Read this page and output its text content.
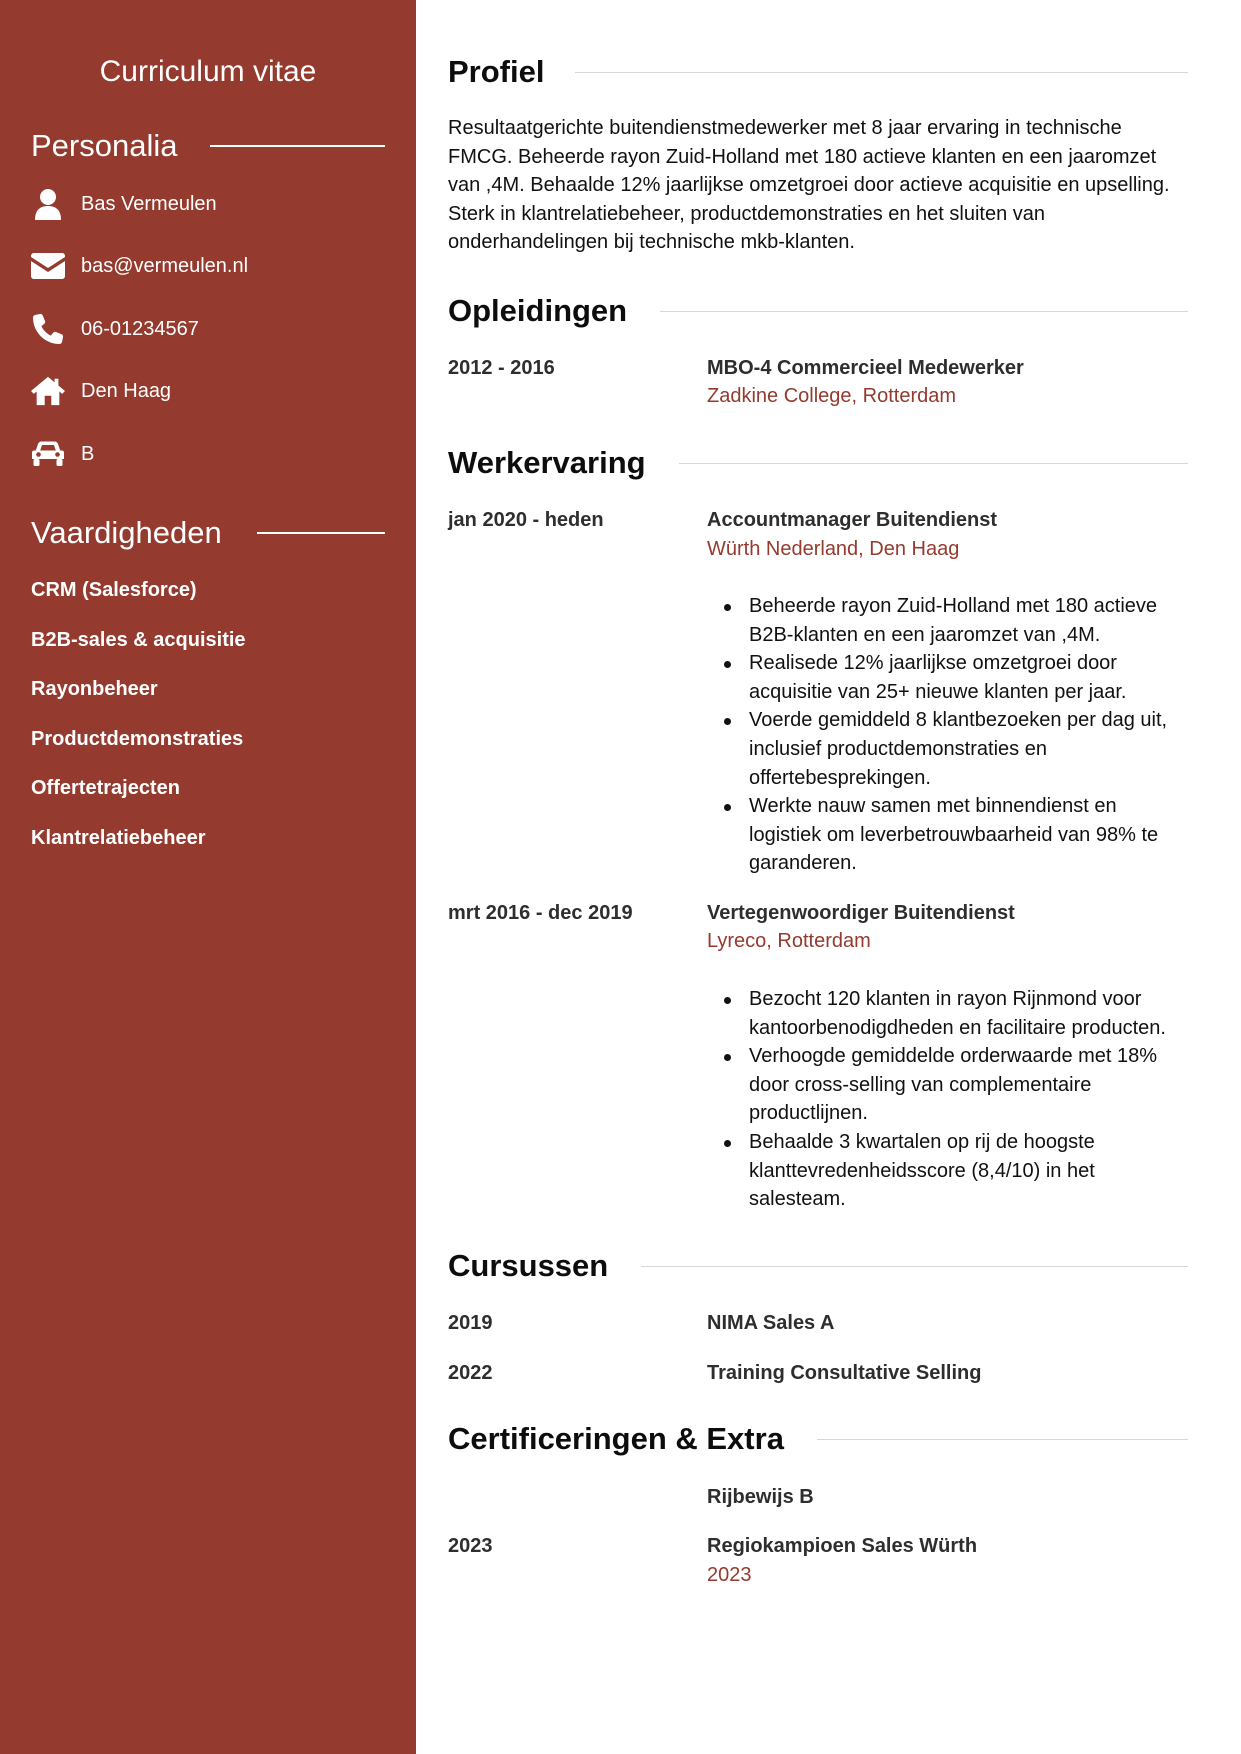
Curriculum vitae
Personalia
Bas Vermeulen
bas@vermeulen.nl
06-01234567
Den Haag
B
Vaardigheden
CRM (Salesforce)
B2B-sales & acquisitie
Rayonbeheer
Productdemonstraties
Offertetrajecten
Klantrelatiebeheer
Profiel

Resultaatgerichte buitendienstmedewerker met 8 jaar ervaring in technische FMCG. Beheerde rayon Zuid-Holland met 180 actieve klanten en een jaaromzet van ,4M. Behaalde 12% jaarlijkse omzetgroei door actieve acquisitie en upselling. Sterk in klantrelatiebeheer, productdemonstraties en het sluiten van onderhandelingen bij technische mkb-klanten.

Opleidingen
2012 - 2016	MBO-4 Commercieel Medewerker
Zadkine College, Rotterdam
Werkervaring
jan 2020 - heden	Accountmanager Buitendienst
Würth Nederland, Den Haag
Beheerde rayon Zuid-Holland met 180 actieve B2B-klanten en een jaaromzet van ,4M.
Realisede 12% jaarlijkse omzetgroei door acquisitie van 25+ nieuwe klanten per jaar.
Voerde gemiddeld 8 klantbezoeken per dag uit, inclusief productdemonstraties en offertebesprekingen.
Werkte nauw samen met binnendienst en logistiek om leverbetrouwbaarheid van 98% te garanderen.
mrt 2016 - dec 2019	Vertegenwoordiger Buitendienst
Lyreco, Rotterdam
Bezocht 120 klanten in rayon Rijnmond voor kantoorbenodigdheden en facilitaire producten.
Verhoogde gemiddelde orderwaarde met 18% door cross-selling van complementaire productlijnen.
Behaalde 3 kwartalen op rij de hoogste klanttevredenheidsscore (8,4/10) in het salesteam.
Cursussen
2019	NIMA Sales A
2022	Training Consultative Selling
Certificeringen & Extra
Rijbewijs B
2023	Regiokampioen Sales Würth
2023
